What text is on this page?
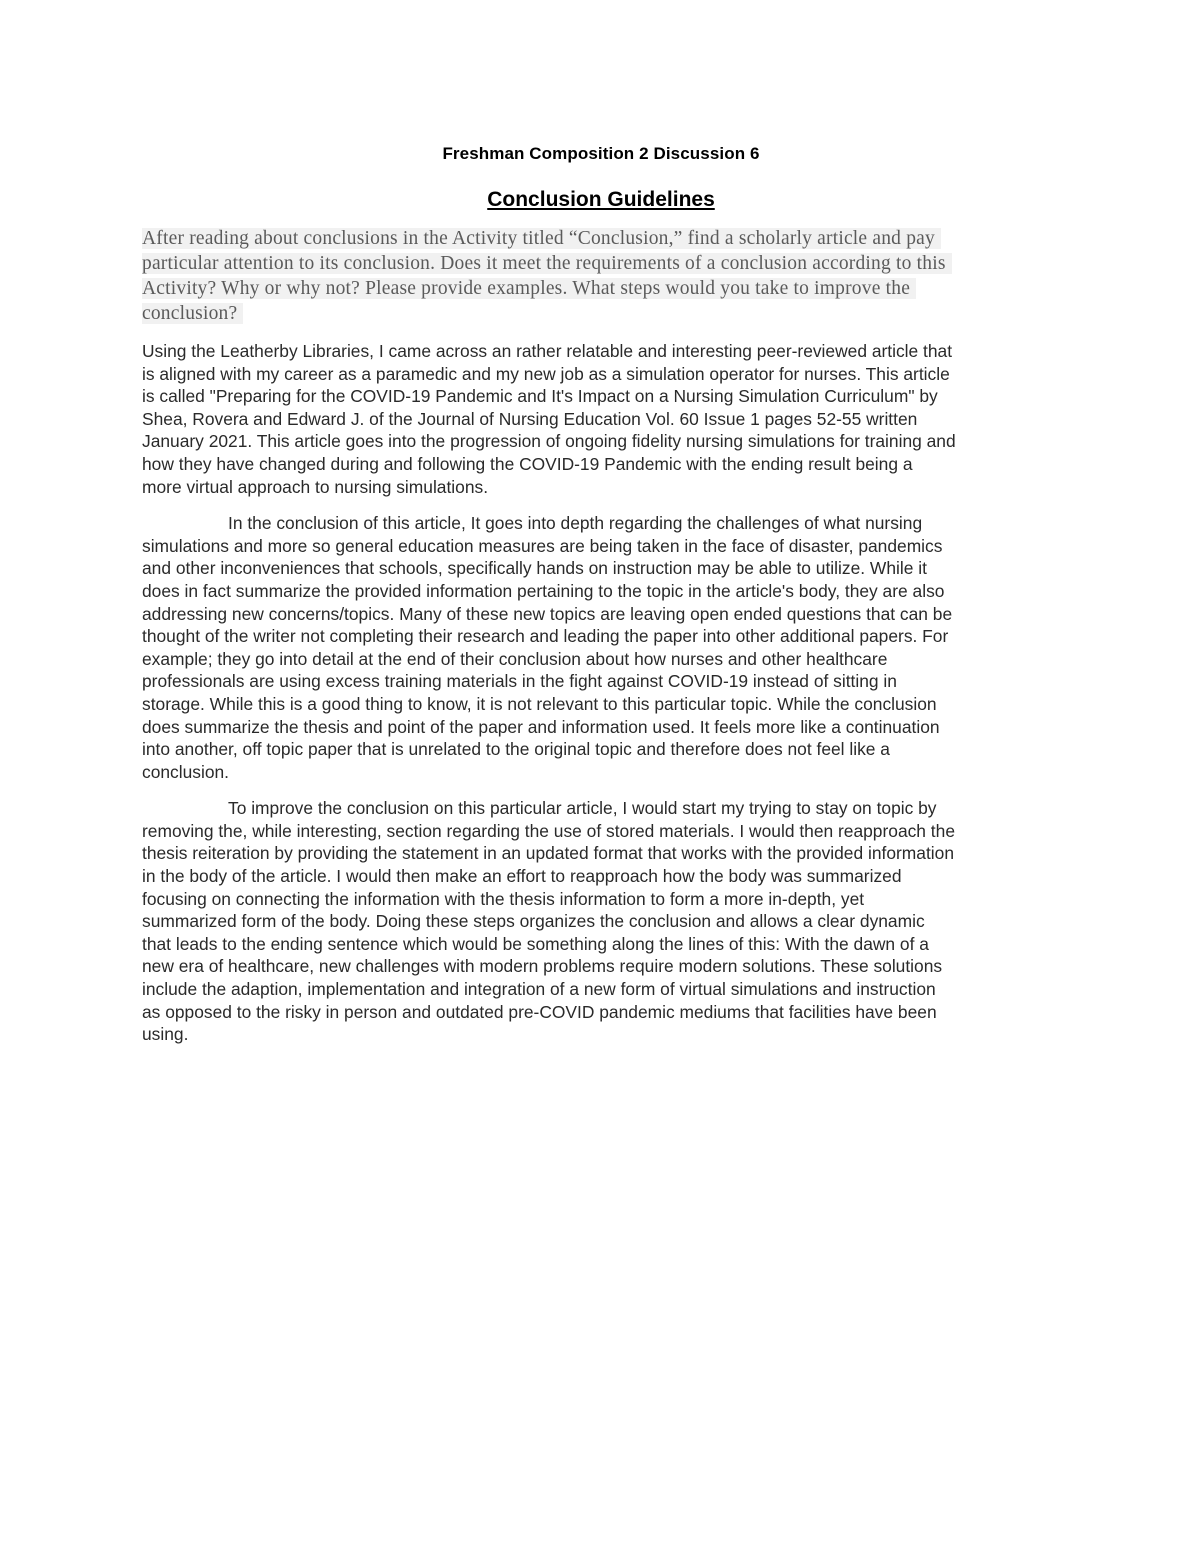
Freshman Composition 2 Discussion 6
Conclusion Guidelines
After reading about conclusions in the Activity titled “Conclusion,” find a scholarly article and pay
particular attention to its conclusion. Does it meet the requirements of a conclusion according to this
Activity? Why or why not? Please provide examples. What steps would you take to improve the
conclusion?
Using the Leatherby Libraries, I came across an rather relatable and interesting peer-reviewed article that
is aligned with my career as a paramedic and my new job as a simulation operator for nurses. This article
is called "Preparing for the COVID-19 Pandemic and It's Impact on a Nursing Simulation Curriculum" by
Shea, Rovera and Edward J. of the Journal of Nursing Education Vol. 60 Issue 1 pages 52-55 written
January 2021. This article goes into the progression of ongoing fidelity nursing simulations for training and
how they have changed during and following the COVID-19 Pandemic with the ending result being a
more virtual approach to nursing simulations.
In the conclusion of this article, It goes into depth regarding the challenges of what nursing
simulations and more so general education measures are being taken in the face of disaster, pandemics
and other inconveniences that schools, specifically hands on instruction may be able to utilize. While it
does in fact summarize the provided information pertaining to the topic in the article's body, they are also
addressing new concerns/topics. Many of these new topics are leaving open ended questions that can be
thought of the writer not completing their research and leading the paper into other additional papers. For
example; they go into detail at the end of their conclusion about how nurses and other healthcare
professionals are using excess training materials in the fight against COVID-19 instead of sitting in
storage. While this is a good thing to know, it is not relevant to this particular topic. While the conclusion
does summarize the thesis and point of the paper and information used. It feels more like a continuation
into another, off topic paper that is unrelated to the original topic and therefore does not feel like a
conclusion.
To improve the conclusion on this particular article, I would start my trying to stay on topic by
removing the, while interesting, section regarding the use of stored materials. I would then reapproach the
thesis reiteration by providing the statement in an updated format that works with the provided information
in the body of the article. I would then make an effort to reapproach how the body was summarized
focusing on connecting the information with the thesis information to form a more in-depth, yet
summarized form of the body. Doing these steps organizes the conclusion and allows a clear dynamic
that leads to the ending sentence which would be something along the lines of this: With the dawn of a
new era of healthcare, new challenges with modern problems require modern solutions. These solutions
include the adaption, implementation and integration of a new form of virtual simulations and instruction
as opposed to the risky in person and outdated pre-COVID pandemic mediums that facilities have been
using.
